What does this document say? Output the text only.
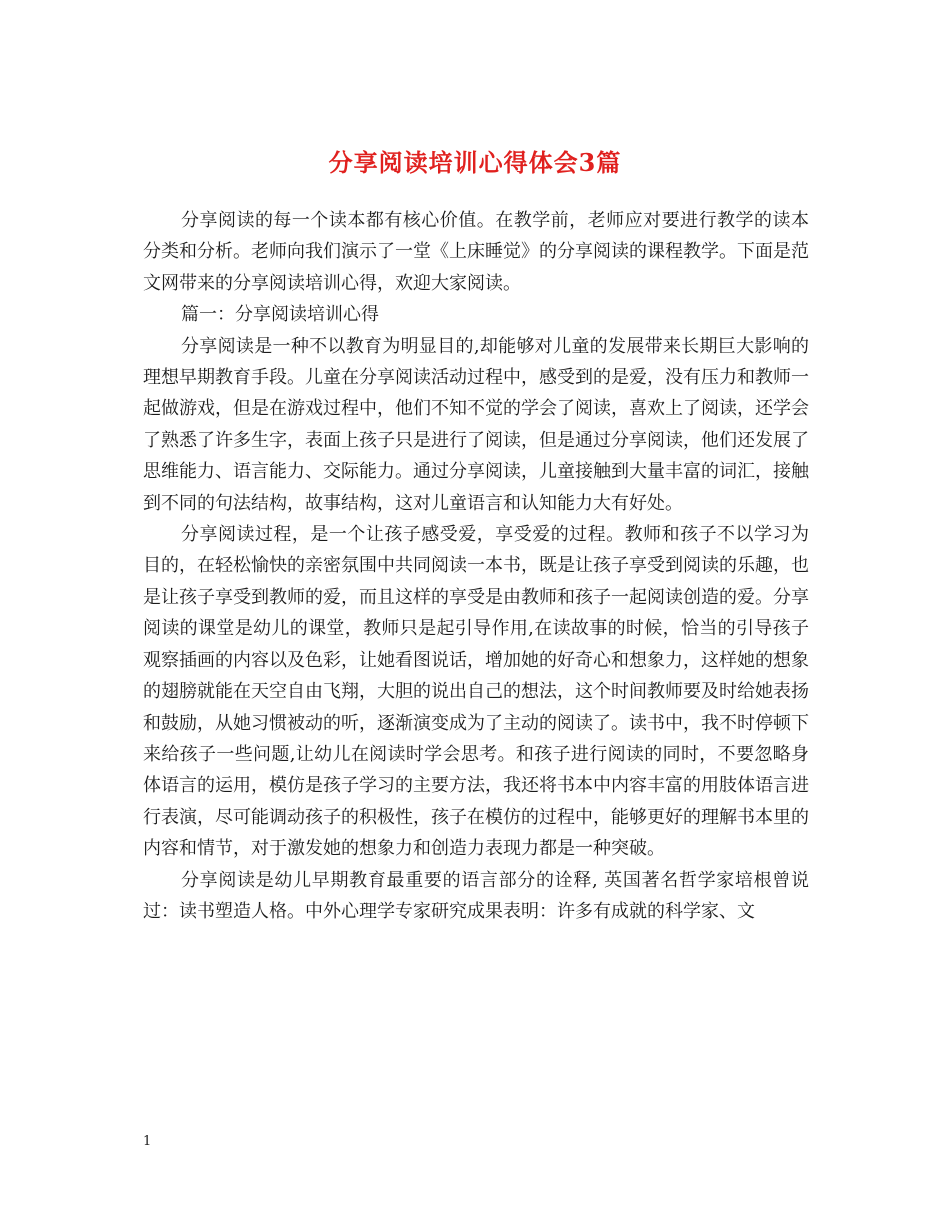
分享阅读培训心得体会3篇

分享阅读的每一个读本都有核心价值。在教学前，老师应对要进行教学的读本分类和分析。老师向我们演示了一堂《上床睡觉》的分享阅读的课程教学。下面是范文网带来的分享阅读培训心得，欢迎大家阅读。

篇一：分享阅读培训心得

分享阅读是一种不以教育为明显目的,却能够对儿童的发展带来长期巨大影响的理想早期教育手段。儿童在分享阅读活动过程中，感受到的是爱，没有压力和教师一起做游戏，但是在游戏过程中，他们不知不觉的学会了阅读，喜欢上了阅读，还学会了熟悉了许多生字，表面上孩子只是进行了阅读，但是通过分享阅读，他们还发展了思维能力、语言能力、交际能力。通过分享阅读，儿童接触到大量丰富的词汇，接触到不同的句法结构，故事结构，这对儿童语言和认知能力大有好处。

分享阅读过程，是一个让孩子感受爱，享受爱的过程。教师和孩子不以学习为目的，在轻松愉快的亲密氛围中共同阅读一本书，既是让孩子享受到阅读的乐趣，也是让孩子享受到教师的爱，而且这样的享受是由教师和孩子一起阅读创造的爱。分享阅读的课堂是幼儿的课堂，教师只是起引导作用,在读故事的时候，恰当的引导孩子观察插画的内容以及色彩，让她看图说话，增加她的好奇心和想象力，这样她的想象的翅膀就能在天空自由飞翔，大胆的说出自己的想法，这个时间教师要及时给她表扬和鼓励，从她习惯被动的听，逐渐演变成为了主动的阅读了。读书中，我不时停顿下来给孩子一些问题,让幼儿在阅读时学会思考。和孩子进行阅读的同时，不要忽略身体语言的运用，模仿是孩子学习的主要方法，我还将书本中内容丰富的用肢体语言进行表演，尽可能调动孩子的积极性，孩子在模仿的过程中，能够更好的理解书本里的内容和情节，对于激发她的想象力和创造力表现力都是一种突破。

分享阅读是幼儿早期教育最重要的语言部分的诠释, 英国著名哲学家培根曾说过：读书塑造人格。中外心理学专家研究成果表明：许多有成就的科学家、文

1
